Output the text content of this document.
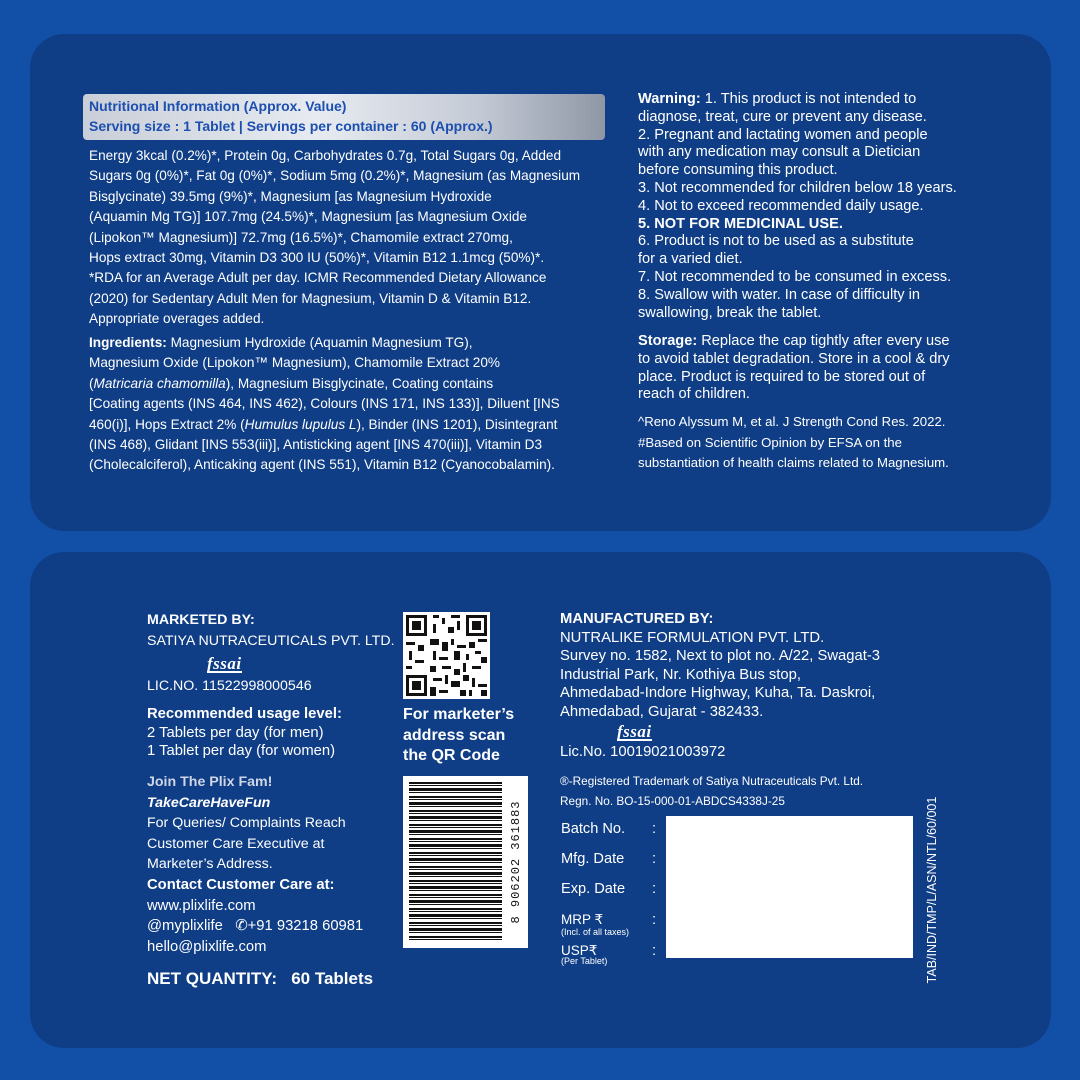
Nutritional Information (Approx. Value)
Serving size : 1 Tablet | Servings per container : 60 (Approx.)
Energy 3kcal (0.2%)*, Protein 0g, Carbohydrates 0.7g, Total Sugars 0g, Added
Sugars 0g (0%)*, Fat 0g (0%)*, Sodium 5mg (0.2%)*, Magnesium (as Magnesium
Bisglycinate) 39.5mg (9%)*, Magnesium [as Magnesium Hydroxide
(Aquamin Mg TG)] 107.7mg (24.5%)*, Magnesium [as Magnesium Oxide
(Lipokon™ Magnesium)] 72.7mg (16.5%)*, Chamomile extract 270mg,
Hops extract 30mg, Vitamin D3 300 IU (50%)*, Vitamin B12 1.1mcg (50%)*.
*RDA for an Average Adult per day. ICMR Recommended Dietary Allowance
(2020) for Sedentary Adult Men for Magnesium, Vitamin D & Vitamin B12.
Appropriate overages added.
Ingredients: Magnesium Hydroxide (Aquamin Magnesium TG),
Magnesium Oxide (Lipokon™ Magnesium), Chamomile Extract 20%
(Matricaria chamomilla), Magnesium Bisglycinate, Coating contains
[Coating agents (INS 464, INS 462), Colours (INS 171, INS 133)], Diluent [INS
460(i)], Hops Extract 2% (Humulus lupulus L), Binder (INS 1201), Disintegrant
(INS 468), Glidant [INS 553(iii)], Antisticking agent [INS 470(iii)], Vitamin D3
(Cholecalciferol), Anticaking agent (INS 551), Vitamin B12 (Cyanocobalamin).
Warning: 1. This product is not intended to
diagnose, treat, cure or prevent any disease.
2. Pregnant and lactating women and people
with any medication may consult a Dietician
before consuming this product.
3. Not recommended for children below 18 years.
4. Not to exceed recommended daily usage.
5. NOT FOR MEDICINAL USE.
6. Product is not to be used as a substitute
for a varied diet.
7. Not recommended to be consumed in excess.
8. Swallow with water. In case of difficulty in
swallowing, break the tablet.
Storage: Replace the cap tightly after every use
to avoid tablet degradation. Store in a cool & dry
place. Product is required to be stored out of
reach of children.
^Reno Alyssum M, et al. J Strength Cond Res. 2022.
#Based on Scientific Opinion by EFSA on the
substantiation of health claims related to Magnesium.
MARKETED BY:
SATIYA NUTRACEUTICALS PVT. LTD.
fssai
LIC.NO. 11522998000546
Recommended usage level:
2 Tablets per day (for men)
1 Tablet per day (for women)
Join The Plix Fam!
TakeCareHaveFun
For Queries/ Complaints Reach
Customer Care Executive at
Marketer’s Address.
Contact Customer Care at:
www.plixlife.com
@myplixlife ✆+91 93218 60981
hello@plixlife.com
NET QUANTITY: 60 Tablets
For marketer’s
address scan
the QR Code
8 906202 361883
MANUFACTURED BY:
NUTRALIKE FORMULATION PVT. LTD.
Survey no. 1582, Next to plot no. A/22, Swagat-3
Industrial Park, Nr. Kothiya Bus stop,
Ahmedabad-Indore Highway, Kuha, Ta. Daskroi,
Ahmedabad, Gujarat - 382433.
fssai
Lic.No. 10019021003972
®-Registered Trademark of Satiya Nutraceuticals Pvt. Ltd.
Regn. No. BO-15-000-01-ABDCS4338J-25
Batch No.
Mfg. Date
Exp. Date
MRP ₹
(Incl. of all taxes)
USP₹
(Per Tablet)
:
:
:
:
:	TAB/IND/TMP/L/ASN/NTL/60/001
